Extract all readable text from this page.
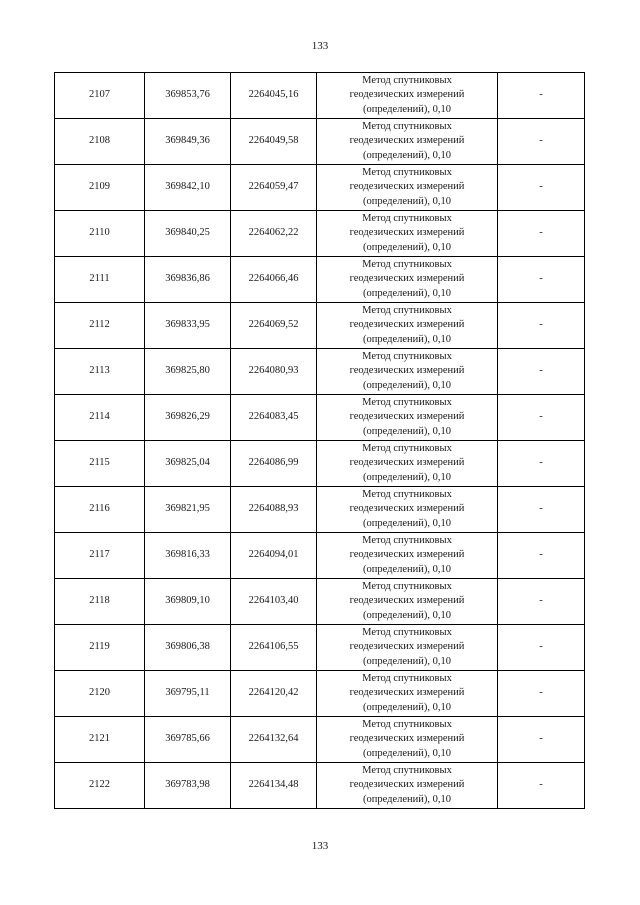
133
2107	369853,76	2264045,16	Метод спутниковых
геодезических измерений
(определений), 0,10	-
2108	369849,36	2264049,58	Метод спутниковых
геодезических измерений
(определений), 0,10	-
2109	369842,10	2264059,47	Метод спутниковых
геодезических измерений
(определений), 0,10	-
2110	369840,25	2264062,22	Метод спутниковых
геодезических измерений
(определений), 0,10	-
2111	369836,86	2264066,46	Метод спутниковых
геодезических измерений
(определений), 0,10	-
2112	369833,95	2264069,52	Метод спутниковых
геодезических измерений
(определений), 0,10	-
2113	369825,80	2264080,93	Метод спутниковых
геодезических измерений
(определений), 0,10	-
2114	369826,29	2264083,45	Метод спутниковых
геодезических измерений
(определений), 0,10	-
2115	369825,04	2264086,99	Метод спутниковых
геодезических измерений
(определений), 0,10	-
2116	369821,95	2264088,93	Метод спутниковых
геодезических измерений
(определений), 0,10	-
2117	369816,33	2264094,01	Метод спутниковых
геодезических измерений
(определений), 0,10	-
2118	369809,10	2264103,40	Метод спутниковых
геодезических измерений
(определений), 0,10	-
2119	369806,38	2264106,55	Метод спутниковых
геодезических измерений
(определений), 0,10	-
2120	369795,11	2264120,42	Метод спутниковых
геодезических измерений
(определений), 0,10	-
2121	369785,66	2264132,64	Метод спутниковых
геодезических измерений
(определений), 0,10	-
2122	369783,98	2264134,48	Метод спутниковых
геодезических измерений
(определений), 0,10	-
133
